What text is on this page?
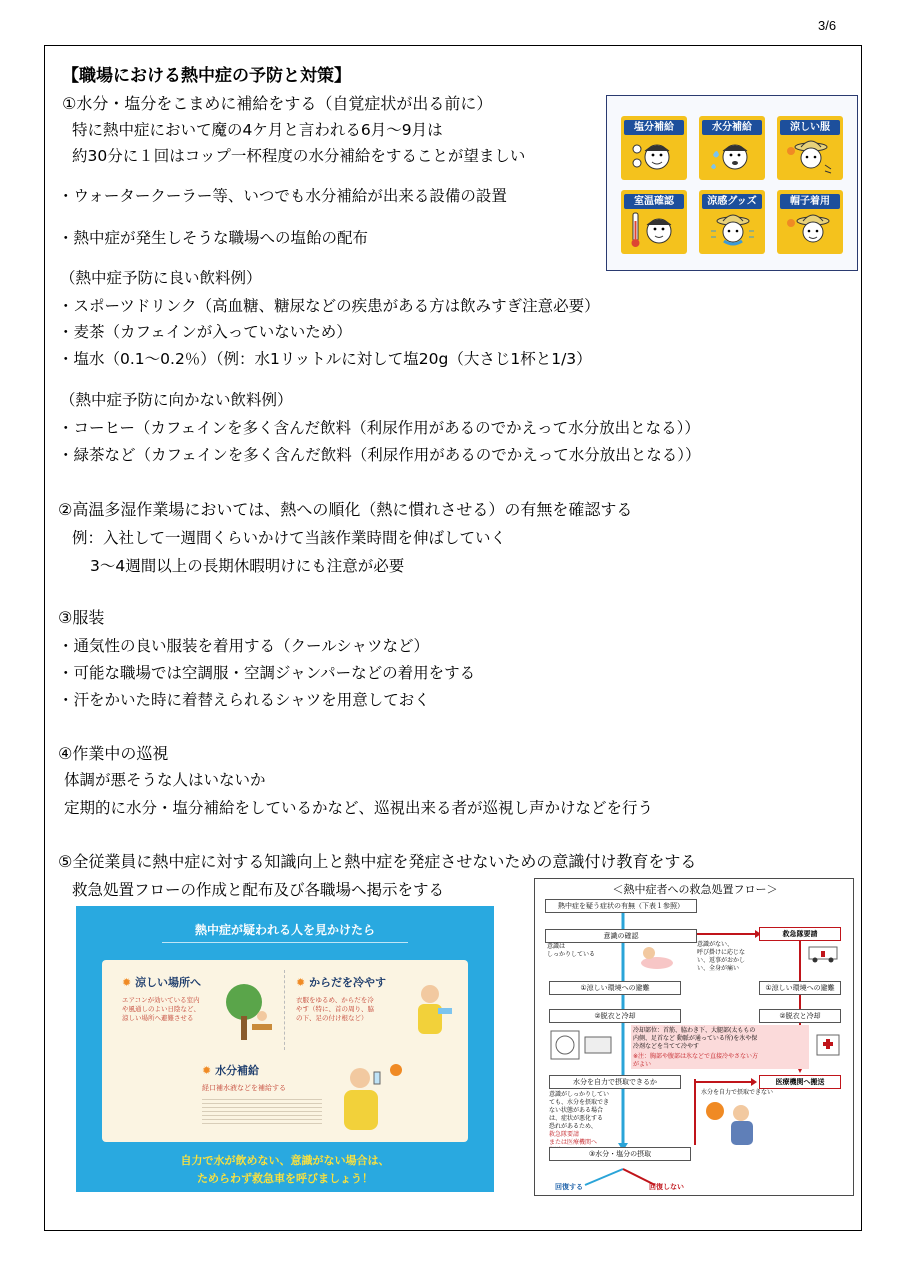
3/6
【職場における熱中症の予防と対策】
①水分・塩分をこまめに補給をする（自覚症状が出る前に）
特に熱中症において魔の4ケ月と言われる6月～9月は
約30分に１回はコップ一杯程度の水分補給をすることが望ましい
・ウォータークーラー等、いつでも水分補給が出来る設備の設置
・熱中症が発生しそうな職場への塩飴の配布
（熱中症予防に良い飲料例）
・スポーツドリンク（高血糖、糖尿などの疾患がある方は飲みすぎ注意必要）
・麦茶（カフェインが入っていないため）
・塩水（0.1～0.2％）（例：水1リットルに対して塩20g（大さじ1杯と1/3）
（熱中症予防に向かない飲料例）
・コーヒー（カフェインを多く含んだ飲料（利尿作用があるのでかえって水分放出となる））
・緑茶など（カフェインを多く含んだ飲料（利尿作用があるのでかえって水分放出となる））
②高温多湿作業場においては、熱への順化（熱に慣れさせる）の有無を確認する
例：入社して一週間くらいかけて当該作業時間を伸ばしていく
3～4週間以上の長期休暇明けにも注意が必要
③服装
・通気性の良い服装を着用する（クールシャツなど）
・可能な職場では空調服・空調ジャンパーなどの着用をする
・汗をかいた時に着替えられるシャツを用意しておく
④作業中の巡視
体調が悪そうな人はいないか
定期的に水分・塩分補給をしているかなど、巡視出来る者が巡視し声かけなどを行う
⑤全従業員に熱中症に対する知識向上と熱中症を発症させないための意識付け教育をする
救急処置フローの作成と配布及び各職場へ掲示をする
塩分補給	水分補給	涼しい服
室温確認	涼感グッズ	帽子着用
熱中症が疑われる人を見かけたら
✹ 涼しい場所へ
エアコンが効いている室内
や風通しのよい日陰など、
涼しい場所へ避難させる
✹ からだを冷やす
衣服をゆるめ、からだを冷
やす（特に、首の周り、脇
の下、足の付け根など）
✹ 水分補給
経口補水液などを補給する
自力で水が飲めない、意識がない場合は、
ためらわず救急車を呼びましょう！
＜熱中症者への救急処置フロー＞
熱中症を疑う症状の有無（下表１参照）
意識の確認
意識は
しっかりしている
意識がない、
呼び掛けに応じな
い、返事がおかし
い、全身が痛い
救急隊要請
①涼しい環境への避難	①涼しい環境への避難
②脱衣と冷却	②脱衣と冷却
冷却部位：首筋、脇わき下、大腿部(太ももの
内側、足首など 動脈が通っている所)を氷や保
冷剤などを当てて冷やす
※注：胸部や腹部は氷などで直接冷やさない方
がよい
水分を自力で摂取できるか	医療機関へ搬送
意識がしっかりしてい
ても、水分を摂取でき
ない状態がある場合
は、症状が悪化する
恐れがあるため、
救急隊要請
または医療機関へ
水分を自力で摂取できない
③水分・塩分の摂取
回復する	回復しない
